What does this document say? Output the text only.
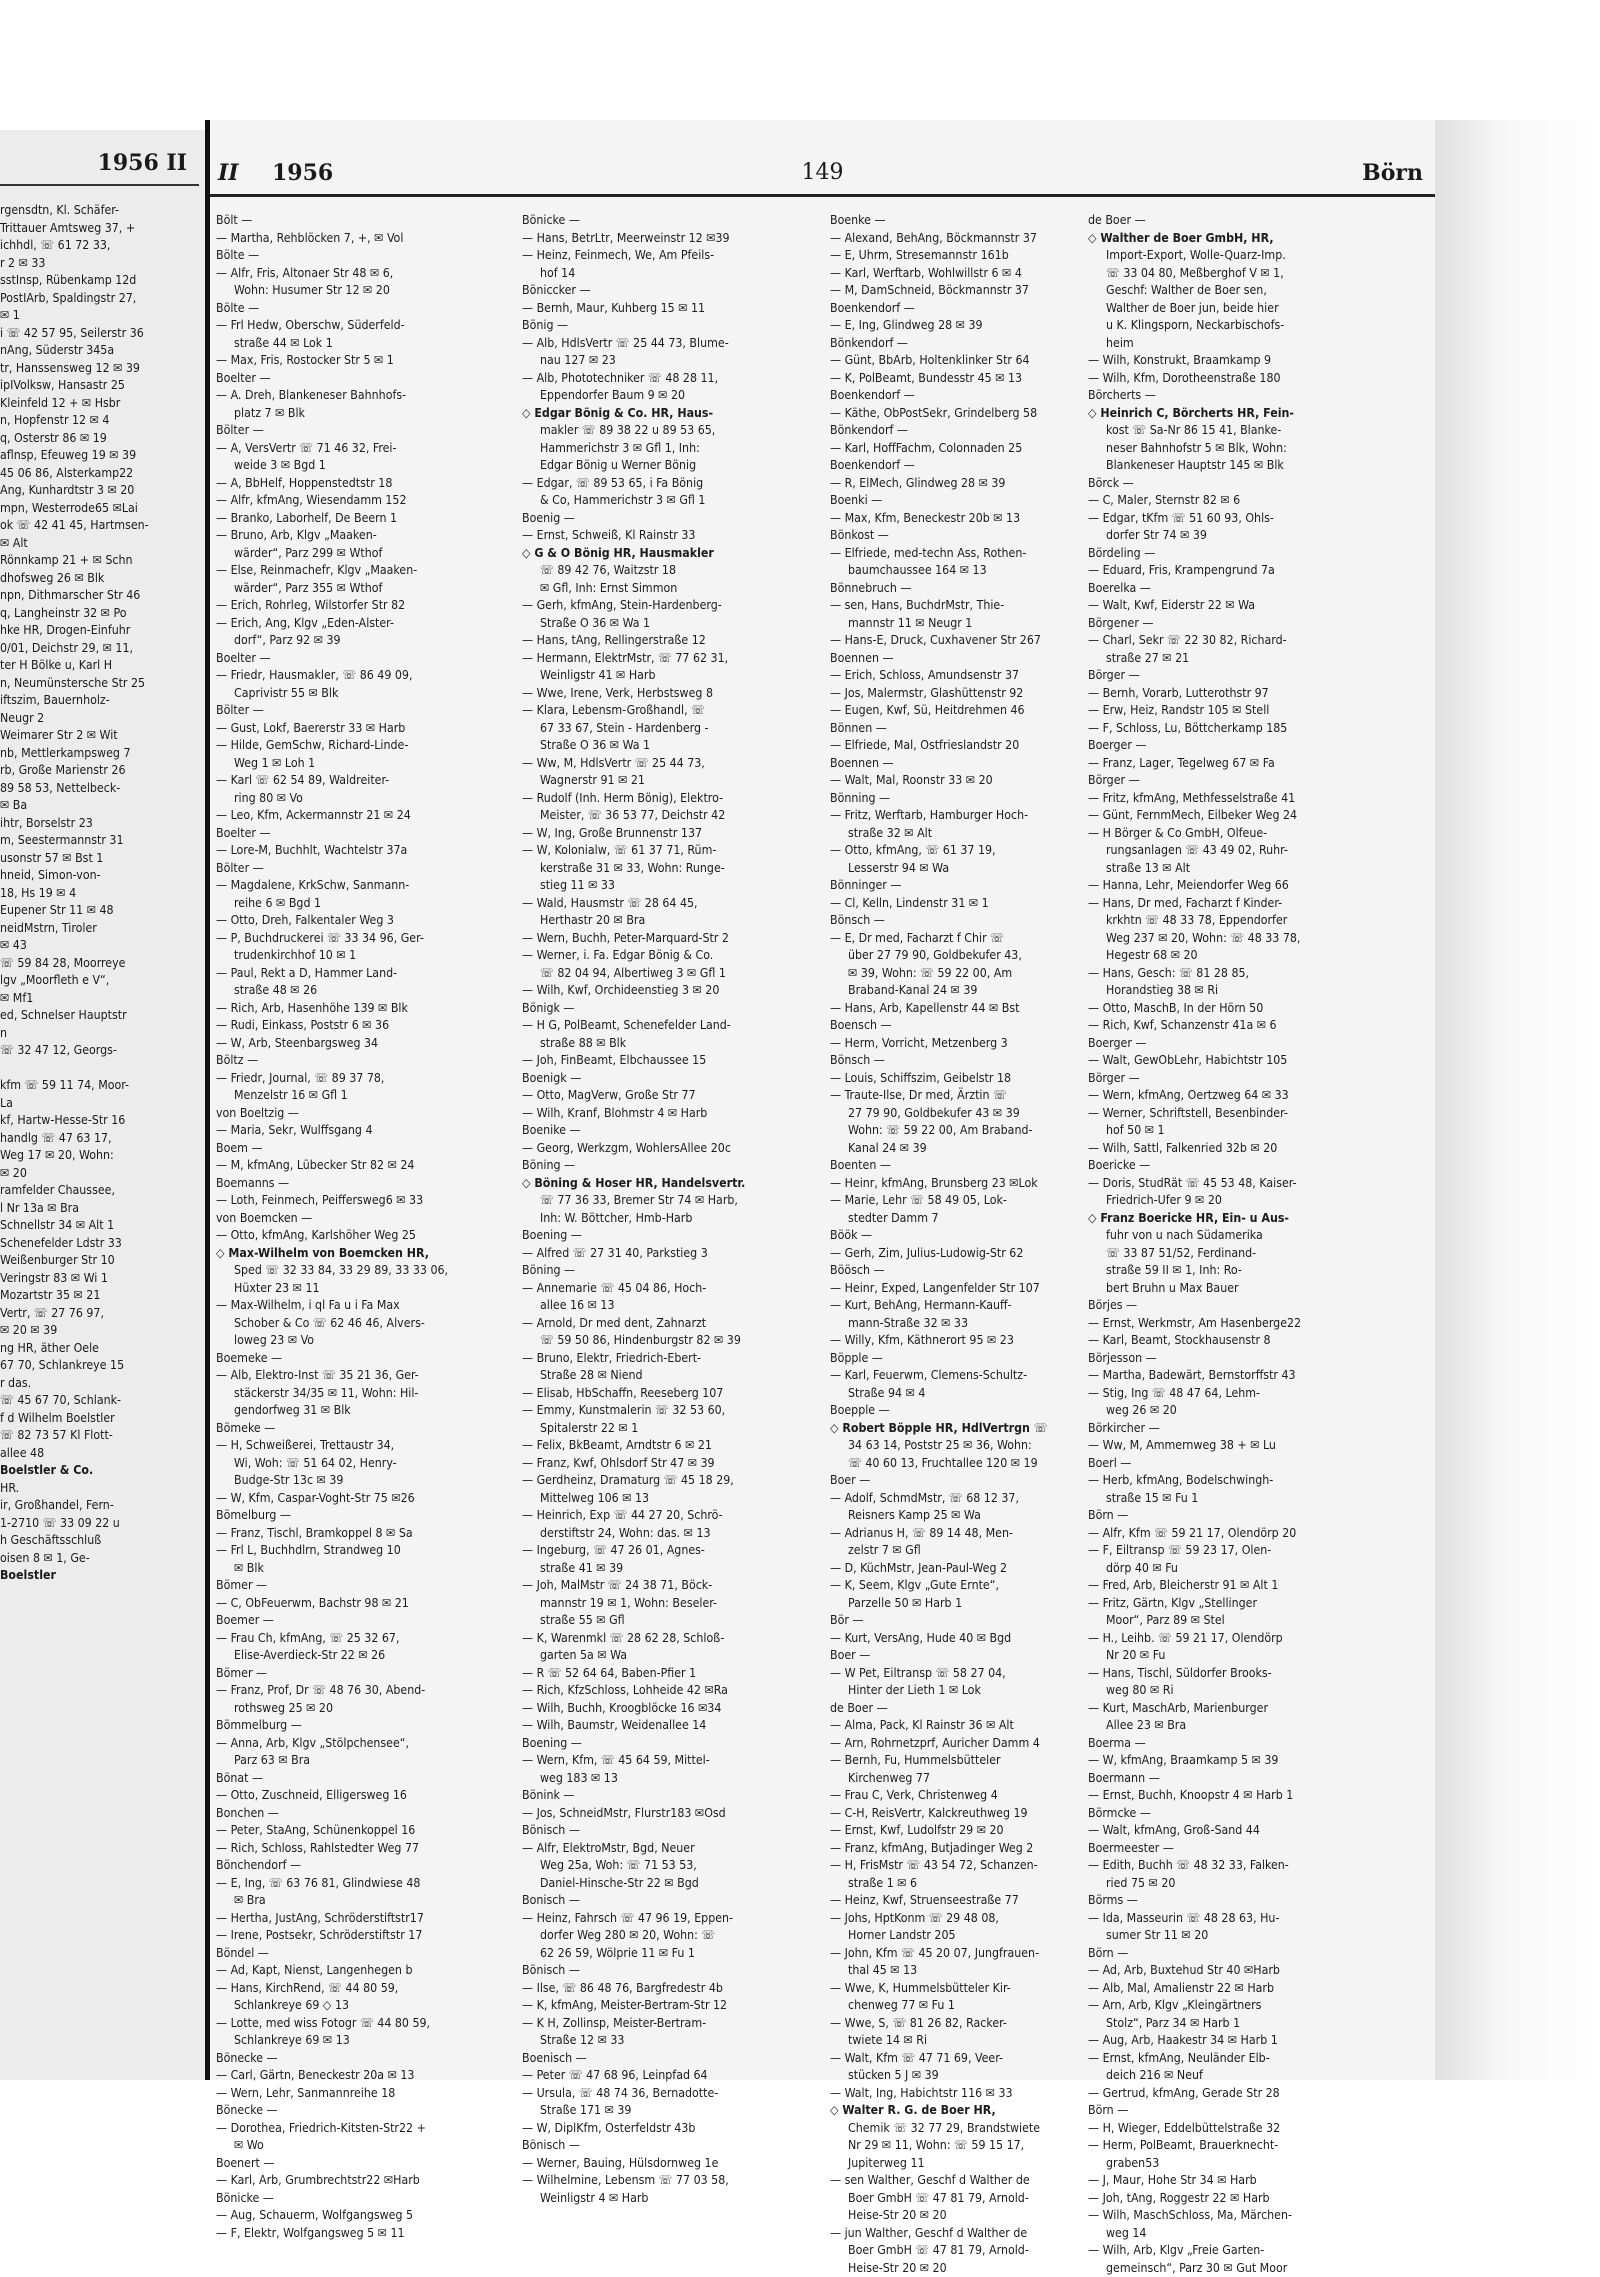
1956 II
rgensdtn, Kl. Schäfer-
Trittauer Amtsweg 37, +
ichhdl, ☏ 61 72 33,
r 2 ✉ 33
sstInsp, Rübenkamp 12d
PostIArb, Spaldingstr 27,
✉ 1
i ☏ 42 57 95, Seilerstr 36
nAng, Süderstr 345a
tr, Hanssensweg 12 ✉ 39
ipIVolksw, Hansastr 25
Kleinfeld 12 + ✉ Hsbr
n, Hopfenstr 12 ✉ 4
q, Osterstr 86 ✉ 19
aflnsp, Efeuweg 19 ✉ 39
45 06 86, Alsterkamp22
Ang, Kunhardtstr 3 ✉ 20
mpn, Westerrode65 ✉Lai
ok ☏ 42 41 45, Hartmsen-
✉ Alt
Rönnkamp 21 + ✉ Schn
dhofsweg 26 ✉ Blk
npn, Dithmarscher Str 46
q, Langheinstr 32 ✉ Po
hke HR, Drogen-Einfuhr
0/01, Deichstr 29, ✉ 11,
ter H Bölke u, Karl H
n, Neumünstersche Str 25
iftszim, Bauernholz-
Neugr 2
Weimarer Str 2 ✉ Wit
nb, Mettlerkampsweg 7
rb, Große Marienstr 26
89 58 53, Nettelbeck-
✉ Ba
ihtr, Borselstr 23
m, Seestermannstr 31
usonstr 57 ✉ Bst 1
hneid, Simon-von-
18, Hs 19 ✉ 4
Eupener Str 11 ✉ 48
neidMstrn, Tiroler
✉ 43
☏ 59 84 28, Moorreye
lgv „Moorfleth e V“,
✉ Mf1
ed, Schnelser Hauptstr
n
☏ 32 47 12, Georgs-

kfm ☏ 59 11 74, Moor-
La
kf, Hartw-Hesse-Str 16
handlg ☏ 47 63 17,
Weg 17 ✉ 20, Wohn:
✉ 20
ramfelder Chaussee,
l Nr 13a ✉ Bra
Schnellstr 34 ✉ Alt 1
Schenefelder Ldstr 33
Weißenburger Str 10
Veringstr 83 ✉ Wi 1
Mozartstr 35 ✉ 21
Vertr, ☏ 27 76 97,
✉ 20 ✉ 39
ng HR, äther Oele
67 70, Schlankreye 15
r das.
☏ 45 67 70, Schlank-
f d Wilhelm Boelstler
☏ 82 73 57 Kl Flott-
allee 48
Boelstler & Co.
HR.
ir, Großhandel, Fern-
1-2710 ☏ 33 09 22 u
h Geschäftsschluß
oisen 8 ✉ 1, Ge-
Boelstler
II 1956	149	Börn
Bölt —
— Martha, Rehblöcken 7, +, ✉ Vol
Bölte —
— Alfr, Fris, Altonaer Str 48 ✉ 6,
Wohn: Husumer Str 12 ✉ 20
Bölte —
— Frl Hedw, Oberschw, Süderfeld-
straße 44 ✉ Lok 1
— Max, Fris, Rostocker Str 5 ✉ 1
Boelter —
— A. Dreh, Blankeneser Bahnhofs-
platz 7 ✉ Blk
Bölter —
— A, VersVertr ☏ 71 46 32, Frei-
weide 3 ✉ Bgd 1
— A, BbHelf, Hoppenstedtstr 18
— Alfr, kfmAng, Wiesendamm 152
— Branko, Laborhelf, De Beern 1
— Bruno, Arb, Klgv „Maaken-
wärder“, Parz 299 ✉ Wthof
— Else, Reinmachefr, Klgv „Maaken-
wärder“, Parz 355 ✉ Wthof
— Erich, Rohrleg, Wilstorfer Str 82
— Erich, Ang, Klgv „Eden-Alster-
dorf“, Parz 92 ✉ 39
Boelter —
— Friedr, Hausmakler, ☏ 86 49 09,
Caprivistr 55 ✉ Blk
Bölter —
— Gust, Lokf, Baererstr 33 ✉ Harb
— Hilde, GemSchw, Richard-Linde-
Weg 1 ✉ Loh 1
— Karl ☏ 62 54 89, Waldreiter-
ring 80 ✉ Vo
— Leo, Kfm, Ackermannstr 21 ✉ 24
Boelter —
— Lore-M, Buchhlt, Wachtelstr 37a
Bölter —
— Magdalene, KrkSchw, Sanmann-
reihe 6 ✉ Bgd 1
— Otto, Dreh, Falkentaler Weg 3
— P, Buchdruckerei ☏ 33 34 96, Ger-
trudenkirchhof 10 ✉ 1
— Paul, Rekt a D, Hammer Land-
straße 48 ✉ 26
— Rich, Arb, Hasenhöhe 139 ✉ Blk
— Rudi, Einkass, Poststr 6 ✉ 36
— W, Arb, Steenbargsweg 34
Böltz —
— Friedr, Journal, ☏ 89 37 78,
Menzelstr 16 ✉ Gfl 1
von Boeltzig —
— Maria, Sekr, Wulffsgang 4
Boem —
— M, kfmAng, Lübecker Str 82 ✉ 24
Boemanns —
— Loth, Feinmech, Peiffersweg6 ✉ 33
von Boemcken —
— Otto, kfmAng, Karlshöher Weg 25
◇ Max-Wilhelm von Boemcken HR,
Sped ☏ 32 33 84, 33 29 89, 33 33 06,
Hüxter 23 ✉ 11
— Max-Wilhelm, i ql Fa u i Fa Max
Schober & Co ☏ 62 46 46, Alvers-
loweg 23 ✉ Vo
Boemeke —
— Alb, Elektro-Inst ☏ 35 21 36, Ger-
stäckerstr 34/35 ✉ 11, Wohn: Hil-
gendorfweg 31 ✉ Blk
Bömeke —
— H, Schweißerei, Trettaustr 34,
Wi, Woh: ☏ 51 64 02, Henry-
Budge-Str 13c ✉ 39
— W, Kfm, Caspar-Voght-Str 75 ✉26
Bömelburg —
— Franz, Tischl, Bramkoppel 8 ✉ Sa
— Frl L, Buchhdlrn, Strandweg 10
✉ Blk
Bömer —
— C, ObFeuerwm, Bachstr 98 ✉ 21
Boemer —
— Frau Ch, kfmAng, ☏ 25 32 67,
Elise-Averdieck-Str 22 ✉ 26
Bömer —
— Franz, Prof, Dr ☏ 48 76 30, Abend-
rothsweg 25 ✉ 20
Bömmelburg —
— Anna, Arb, Klgv „Stölpchensee“,
Parz 63 ✉ Bra
Bönat —
— Otto, Zuschneid, Elligersweg 16
Bonchen —
— Peter, StaAng, Schünenkoppel 16
— Rich, Schloss, Rahlstedter Weg 77
Bönchendorf —
— E, Ing, ☏ 63 76 81, Glindwiese 48
✉ Bra
— Hertha, JustAng, Schröderstiftstr17
— Irene, Postsekr, Schröderstiftstr 17
Böndel —
— Ad, Kapt, Nienst, Langenhegen b
— Hans, KirchRend, ☏ 44 80 59,
Schlankreye 69 ◇ 13
— Lotte, med wiss Fotogr ☏ 44 80 59,
Schlankreye 69 ✉ 13
Bönecke —
— Carl, Gärtn, Beneckestr 20a ✉ 13
— Wern, Lehr, Sanmannreihe 18
Bönecke —
— Dorothea, Friedrich-Kitsten-Str22 +
✉ Wo
Boenert —
— Karl, Arb, Grumbrechtstr22 ✉Harb
Bönicke —
— Aug, Schauerm, Wolfgangsweg 5
— F, Elektr, Wolfgangsweg 5 ✉ 11
Bönicke —
— Hans, BetrLtr, Meerweinstr 12 ✉39
— Heinz, Feinmech, We, Am Pfeils-
hof 14
Böniccker —
— Bernh, Maur, Kuhberg 15 ✉ 11
Bönig —
— Alb, HdlsVertr ☏ 25 44 73, Blume-
nau 127 ✉ 23
— Alb, Phototechniker ☏ 48 28 11,
Eppendorfer Baum 9 ✉ 20
◇ Edgar Bönig & Co. HR, Haus-
makler ☏ 89 38 22 u 89 53 65,
Hammerichstr 3 ✉ Gfl 1, Inh:
Edgar Bönig u Werner Bönig
— Edgar, ☏ 89 53 65, i Fa Bönig
& Co, Hammerichstr 3 ✉ Gfl 1
Boenig —
— Ernst, Schweiß, Kl Rainstr 33
◇ G & O Bönig HR, Hausmakler
☏ 89 42 76, Waitzstr 18
✉ Gfl, Inh: Ernst Simmon
— Gerh, kfmAng, Stein-Hardenberg-
Straße O 36 ✉ Wa 1
— Hans, tAng, Rellingerstraße 12
— Hermann, ElektrMstr, ☏ 77 62 31,
Weinligstr 41 ✉ Harb
— Wwe, Irene, Verk, Herbstsweg 8
— Klara, Lebensm-Großhandl, ☏
67 33 67, Stein - Hardenberg -
Straße O 36 ✉ Wa 1
— Ww, M, HdlsVertr ☏ 25 44 73,
Wagnerstr 91 ✉ 21
— Rudolf (Inh. Herm Bönig), Elektro-
Meister, ☏ 36 53 77, Deichstr 42
— W, Ing, Große Brunnenstr 137
— W, Kolonialw, ☏ 61 37 71, Rüm-
kerstraße 31 ✉ 33, Wohn: Runge-
stieg 11 ✉ 33
— Wald, Hausmstr ☏ 28 64 45,
Herthastr 20 ✉ Bra
— Wern, Buchh, Peter-Marquard-Str 2
— Werner, i. Fa. Edgar Bönig & Co.
☏ 82 04 94, Albertiweg 3 ✉ Gfl 1
— Wilh, Kwf, Orchideenstieg 3 ✉ 20
Bönigk —
— H G, PolBeamt, Schenefelder Land-
straße 88 ✉ Blk
— Joh, FinBeamt, Elbchaussee 15
Boenigk —
— Otto, MagVerw, Große Str 77
— Wilh, Kranf, Blohmstr 4 ✉ Harb
Boenike —
— Georg, Werkzgm, WohlersAllee 20c
Böning —
◇ Böning & Hoser HR, Handelsvertr.
☏ 77 36 33, Bremer Str 74 ✉ Harb,
Inh: W. Böttcher, Hmb-Harb
Boening —
— Alfred ☏ 27 31 40, Parkstieg 3
Böning —
— Annemarie ☏ 45 04 86, Hoch-
allee 16 ✉ 13
— Arnold, Dr med dent, Zahnarzt
☏ 59 50 86, Hindenburgstr 82 ✉ 39
— Bruno, Elektr, Friedrich-Ebert-
Straße 28 ✉ Niend
— Elisab, HbSchaffn, Reeseberg 107
— Emmy, Kunstmalerin ☏ 32 53 60,
Spitalerstr 22 ✉ 1
— Felix, BkBeamt, Arndtstr 6 ✉ 21
— Franz, Kwf, Ohlsdorf Str 47 ✉ 39
— Gerdheinz, Dramaturg ☏ 45 18 29,
Mittelweg 106 ✉ 13
— Heinrich, Exp ☏ 44 27 20, Schrö-
derstiftstr 24, Wohn: das. ✉ 13
— Ingeburg, ☏ 47 26 01, Agnes-
straße 41 ✉ 39
— Joh, MalMstr ☏ 24 38 71, Böck-
mannstr 19 ✉ 1, Wohn: Beseler-
straße 55 ✉ Gfl
— K, Warenmkl ☏ 28 62 28, Schloß-
garten 5a ✉ Wa
— R ☏ 52 64 64, Baben-Pfier 1
— Rich, KfzSchloss, Lohheide 42 ✉Ra
— Wilh, Buchh, Kroogblöcke 16 ✉34
— Wilh, Baumstr, Weidenallee 14
Boening —
— Wern, Kfm, ☏ 45 64 59, Mittel-
weg 183 ✉ 13
Bönink —
— Jos, SchneidMstr, Flurstr183 ✉Osd
Bönisch —
— Alfr, ElektroMstr, Bgd, Neuer
Weg 25a, Woh: ☏ 71 53 53,
Daniel-Hinsche-Str 22 ✉ Bgd
Bonisch —
— Heinz, Fahrsch ☏ 47 96 19, Eppen-
dorfer Weg 280 ✉ 20, Wohn: ☏
62 26 59, Wölprie 11 ✉ Fu 1
Bönisch —
— Ilse, ☏ 86 48 76, Bargfredestr 4b
— K, kfmAng, Meister-Bertram-Str 12
— K H, Zollinsp, Meister-Bertram-
Straße 12 ✉ 33
Boenisch —
— Peter ☏ 47 68 96, Leinpfad 64
— Ursula, ☏ 48 74 36, Bernadotte-
Straße 171 ✉ 39
— W, DiplKfm, Osterfeldstr 43b
Bönisch —
— Werner, Bauing, Hülsdornweg 1e
— Wilhelmine, Lebensm ☏ 77 03 58,
Weinligstr 4 ✉ Harb
Boenke —
— Alexand, BehAng, Böckmannstr 37
— E, Uhrm, Stresemannstr 161b
— Karl, Werftarb, Wohlwillstr 6 ✉ 4
— M, DamSchneid, Böckmannstr 37
Boenkendorf —
— E, Ing, Glindweg 28 ✉ 39
Bönkendorf —
— Günt, BbArb, Holtenklinker Str 64
— K, PolBeamt, Bundesstr 45 ✉ 13
Boenkendorf —
— Käthe, ObPostSekr, Grindelberg 58
Bönkendorf —
— Karl, HoffFachm, Colonnaden 25
Boenkendorf —
— R, ElMech, Glindweg 28 ✉ 39
Boenki —
— Max, Kfm, Beneckestr 20b ✉ 13
Bönkost —
— Elfriede, med-techn Ass, Rothen-
baumchaussee 164 ✉ 13
Bönnebruch —
— sen, Hans, BuchdrMstr, Thie-
mannstr 11 ✉ Neugr 1
— Hans-E, Druck, Cuxhavener Str 267
Boennen —
— Erich, Schloss, Amundsenstr 37
— Jos, Malermstr, Glashüttenstr 92
— Eugen, Kwf, Sü, Heitdrehmen 46
Bönnen —
— Elfriede, Mal, Ostfrieslandstr 20
Boennen —
— Walt, Mal, Roonstr 33 ✉ 20
Bönning —
— Fritz, Werftarb, Hamburger Hoch-
straße 32 ✉ Alt
— Otto, kfmAng, ☏ 61 37 19,
Lesserstr 94 ✉ Wa
Bönninger —
— Cl, Kelln, Lindenstr 31 ✉ 1
Bönsch —
— E, Dr med, Facharzt f Chir ☏
über 27 79 90, Goldbekufer 43,
✉ 39, Wohn: ☏ 59 22 00, Am
Braband-Kanal 24 ✉ 39
— Hans, Arb, Kapellenstr 44 ✉ Bst
Boensch —
— Herm, Vorricht, Metzenberg 3
Bönsch —
— Louis, Schiffszim, Geibelstr 18
— Traute-Ilse, Dr med, Ärztin ☏
27 79 90, Goldbekufer 43 ✉ 39
Wohn: ☏ 59 22 00, Am Braband-
Kanal 24 ✉ 39
Boenten —
— Heinr, kfmAng, Brunsberg 23 ✉Lok
— Marie, Lehr ☏ 58 49 05, Lok-
stedter Damm 7
Böök —
— Gerh, Zim, Julius-Ludowig-Str 62
Böösch —
— Heinr, Exped, Langenfelder Str 107
— Kurt, BehAng, Hermann-Kauff-
mann-Straße 32 ✉ 33
— Willy, Kfm, Käthnerort 95 ✉ 23
Böpple —
— Karl, Feuerwm, Clemens-Schultz-
Straße 94 ✉ 4
Boepple —
◇ Robert Böpple HR, HdlVertrgn ☏
34 63 14, Poststr 25 ✉ 36, Wohn:
☏ 40 60 13, Fruchtallee 120 ✉ 19
Boer —
— Adolf, SchmdMstr, ☏ 68 12 37,
Reisners Kamp 25 ✉ Wa
— Adrianus H, ☏ 89 14 48, Men-
zelstr 7 ✉ Gfl
— D, KüchMstr, Jean-Paul-Weg 2
— K, Seem, Klgv „Gute Ernte“,
Parzelle 50 ✉ Harb 1
Bör —
— Kurt, VersAng, Hude 40 ✉ Bgd
Boer —
— W Pet, Eiltransp ☏ 58 27 04,
Hinter der Lieth 1 ✉ Lok
de Boer —
— Alma, Pack, Kl Rainstr 36 ✉ Alt
— Arn, Rohrnetzprf, Auricher Damm 4
— Bernh, Fu, Hummelsbütteler
Kirchenweg 77
— Frau C, Verk, Christenweg 4
— C-H, ReisVertr, Kalckreuthweg 19
— Ernst, Kwf, Ludolfstr 29 ✉ 20
— Franz, kfmAng, Butjadinger Weg 2
— H, FrisMstr ☏ 43 54 72, Schanzen-
straße 1 ✉ 6
— Heinz, Kwf, Struenseestraße 77
— Johs, HptKonm ☏ 29 48 08,
Horner Landstr 205
— John, Kfm ☏ 45 20 07, Jungfrauen-
thal 45 ✉ 13
— Wwe, K, Hummelsbütteler Kir-
chenweg 77 ✉ Fu 1
— Wwe, S, ☏ 81 26 82, Racker-
twiete 14 ✉ Ri
— Walt, Kfm ☏ 47 71 69, Veer-
stücken 5 J ✉ 39
— Walt, Ing, Habichtstr 116 ✉ 33
◇ Walter R. G. de Boer HR,
Chemik ☏ 32 77 29, Brandstwiete
Nr 29 ✉ 11, Wohn: ☏ 59 15 17,
Jupiterweg 11
— sen Walther, Geschf d Walther de
Boer GmbH ☏ 47 81 79, Arnold-
Heise-Str 20 ✉ 20
— jun Walther, Geschf d Walther de
Boer GmbH ☏ 47 81 79, Arnold-
Heise-Str 20 ✉ 20
de Boer —
◇ Walther de Boer GmbH, HR,
Import-Export, Wolle-Quarz-Imp.
☏ 33 04 80, Meßberghof V ✉ 1,
Geschf: Walther de Boer sen,
Walther de Boer jun, beide hier
u K. Klingsporn, Neckarbischofs-
heim
— Wilh, Konstrukt, Braamkamp 9
— Wilh, Kfm, Dorotheenstraße 180
Börcherts —
◇ Heinrich C, Börcherts HR, Fein-
kost ☏ Sa-Nr 86 15 41, Blanke-
neser Bahnhofstr 5 ✉ Blk, Wohn:
Blankeneser Hauptstr 145 ✉ Blk
Börck —
— C, Maler, Sternstr 82 ✉ 6
— Edgar, tKfm ☏ 51 60 93, Ohls-
dorfer Str 74 ✉ 39
Bördeling —
— Eduard, Fris, Krampengrund 7a
Boerelka —
— Walt, Kwf, Eiderstr 22 ✉ Wa
Börgener —
— Charl, Sekr ☏ 22 30 82, Richard-
straße 27 ✉ 21
Börger —
— Bernh, Vorarb, Lutterothstr 97
— Erw, Heiz, Randstr 105 ✉ Stell
— F, Schloss, Lu, Böttcherkamp 185
Boerger —
— Franz, Lager, Tegelweg 67 ✉ Fa
Börger —
— Fritz, kfmAng, Methfesselstraße 41
— Günt, FernmMech, Eilbeker Weg 24
— H Börger & Co GmbH, Olfeue-
rungsanlagen ☏ 43 49 02, Ruhr-
straße 13 ✉ Alt
— Hanna, Lehr, Meiendorfer Weg 66
— Hans, Dr med, Facharzt f Kinder-
krkhtn ☏ 48 33 78, Eppendorfer
Weg 237 ✉ 20, Wohn: ☏ 48 33 78,
Hegestr 68 ✉ 20
— Hans, Gesch: ☏ 81 28 85,
Horandstieg 38 ✉ Ri
— Otto, MaschB, In der Hörn 50
— Rich, Kwf, Schanzenstr 41a ✉ 6
Boerger —
— Walt, GewObLehr, Habichtstr 105
Börger —
— Wern, kfmAng, Oertzweg 64 ✉ 33
— Werner, Schriftstell, Besenbinder-
hof 50 ✉ 1
— Wilh, Sattl, Falkenried 32b ✉ 20
Boericke —
— Doris, StudRät ☏ 45 53 48, Kaiser-
Friedrich-Ufer 9 ✉ 20
◇ Franz Boericke HR, Ein- u Aus-
fuhr von u nach Südamerika
☏ 33 87 51/52, Ferdinand-
straße 59 II ✉ 1, Inh: Ro-
bert Bruhn u Max Bauer
Börjes —
— Ernst, Werkmstr, Am Hasenberge22
— Karl, Beamt, Stockhausenstr 8
Börjesson —
— Martha, Badewärt, Bernstorffstr 43
— Stig, Ing ☏ 48 47 64, Lehm-
weg 26 ✉ 20
Börkircher —
— Ww, M, Ammernweg 38 + ✉ Lu
Boerl —
— Herb, kfmAng, Bodelschwingh-
straße 15 ✉ Fu 1
Börn —
— Alfr, Kfm ☏ 59 21 17, Olendörp 20
— F, Eiltransp ☏ 59 23 17, Olen-
dörp 40 ✉ Fu
— Fred, Arb, Bleicherstr 91 ✉ Alt 1
— Fritz, Gärtn, Klgv „Stellinger
Moor“, Parz 89 ✉ Stel
— H., Leihb. ☏ 59 21 17, Olendörp
Nr 20 ✉ Fu
— Hans, Tischl, Süldorfer Brooks-
weg 80 ✉ Ri
— Kurt, MaschArb, Marienburger
Allee 23 ✉ Bra
Boerma —
— W, kfmAng, Braamkamp 5 ✉ 39
Boermann —
— Ernst, Buchh, Knoopstr 4 ✉ Harb 1
Börmcke —
— Walt, kfmAng, Groß-Sand 44
Boermeester —
— Edith, Buchh ☏ 48 32 33, Falken-
ried 75 ✉ 20
Börms —
— Ida, Masseurin ☏ 48 28 63, Hu-
sumer Str 11 ✉ 20
Börn —
— Ad, Arb, Buxtehud Str 40 ✉Harb
— Alb, Mal, Amalienstr 22 ✉ Harb
— Arn, Arb, Klgv „Kleingärtners
Stolz“, Parz 34 ✉ Harb 1
— Aug, Arb, Haakestr 34 ✉ Harb 1
— Ernst, kfmAng, Neuländer Elb-
deich 216 ✉ Neuf
— Gertrud, kfmAng, Gerade Str 28
Börn —
— H, Wieger, Eddelbüttelstraße 32
— Herm, PolBeamt, Brauerknecht-
graben53
— J, Maur, Hohe Str 34 ✉ Harb
— Joh, tAng, Roggestr 22 ✉ Harb
— Wilh, MaschSchloss, Ma, Märchen-
weg 14
— Wilh, Arb, Klgv „Freie Garten-
gemeinsch“, Parz 30 ✉ Gut Moor
